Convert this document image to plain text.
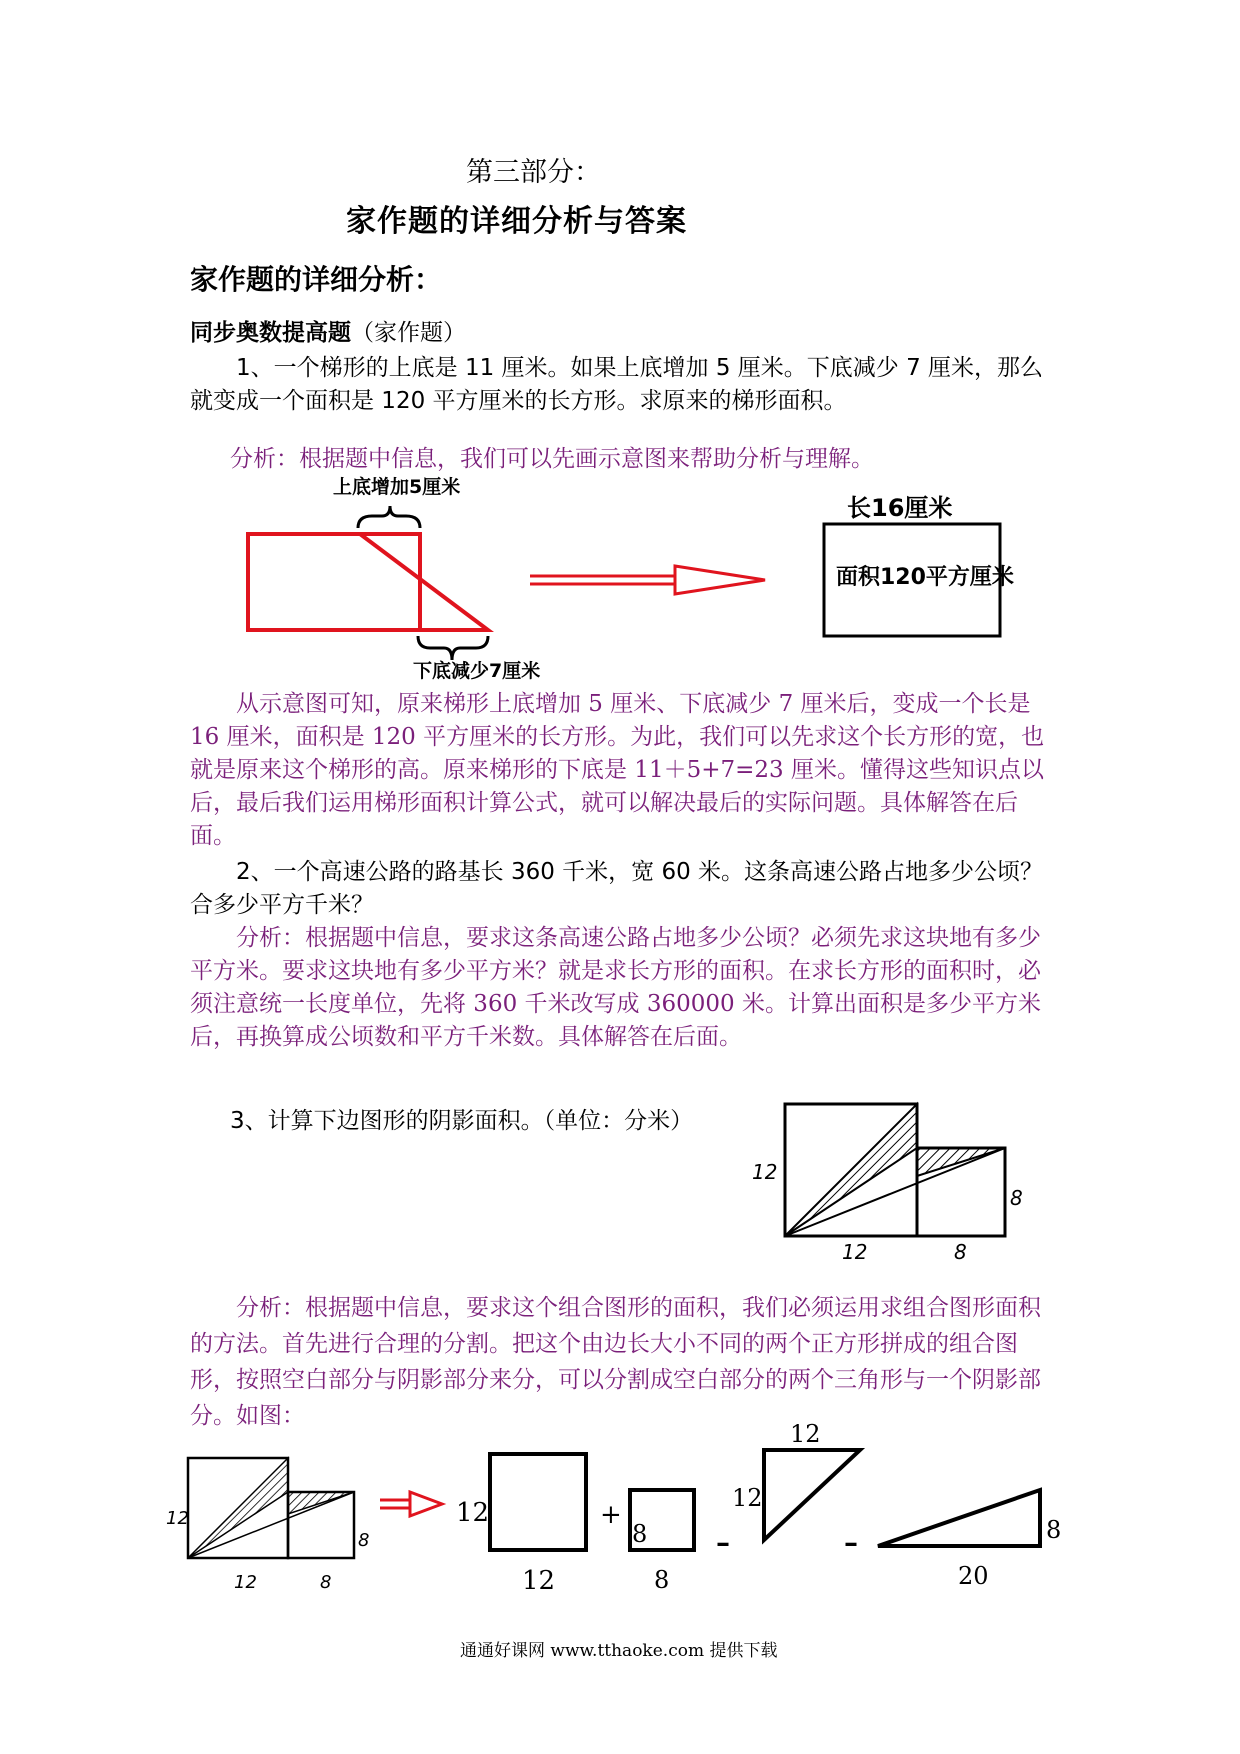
第三部分：
家作题的详细分析与答案
家作题的详细分析：
同步奥数提高题（家作题）
1、一个梯形的上底是 11 厘米。如果上底增加 5 厘米。下底减少 7 厘米，那么就变成一个面积是 120 平方厘米的长方形。求原来的梯形面积。
分析：根据题中信息，我们可以先画示意图来帮助分析与理解。
上底增加5厘米
下底减少7厘米
长16厘米
面积120平方厘米
从示意图可知，原来梯形上底增加 5 厘米、下底减少 7 厘米后，变成一个长是 16 厘米，面积是 120 平方厘米的长方形。为此，我们可以先求这个长方形的宽，也就是原来这个梯形的高。原来梯形的下底是 11＋5+7=23 厘米。懂得这些知识点以后，最后我们运用梯形面积计算公式，就可以解决最后的实际问题。具体解答在后面。
2、一个高速公路的路基长 360 千米，宽 60 米。这条高速公路占地多少公顷？合多少平方千米？
分析：根据题中信息，要求这条高速公路占地多少公顷？必须先求这块地有多少平方米。要求这块地有多少平方米？就是求长方形的面积。在求长方形的面积时，必须注意统一长度单位，先将 360 千米改写成 360000 米。计算出面积是多少平方米后，再换算成公顷数和平方千米数。具体解答在后面。
3、计算下边图形的阴影面积。（单位：分米）
12
12
8
8
分析：根据题中信息，要求这个组合图形的面积，我们必须运用求组合图形面积的方法。首先进行合理的分割。把这个由边长大小不同的两个正方形拼成的组合图形，按照空白部分与阴影部分来分，可以分割成空白部分的两个三角形与一个阴影部分。如图：
12
12
8
8
12
12
+
8
8
–
12
12
–
20
8
通通好课网 www.tthaoke.com 提供下载
